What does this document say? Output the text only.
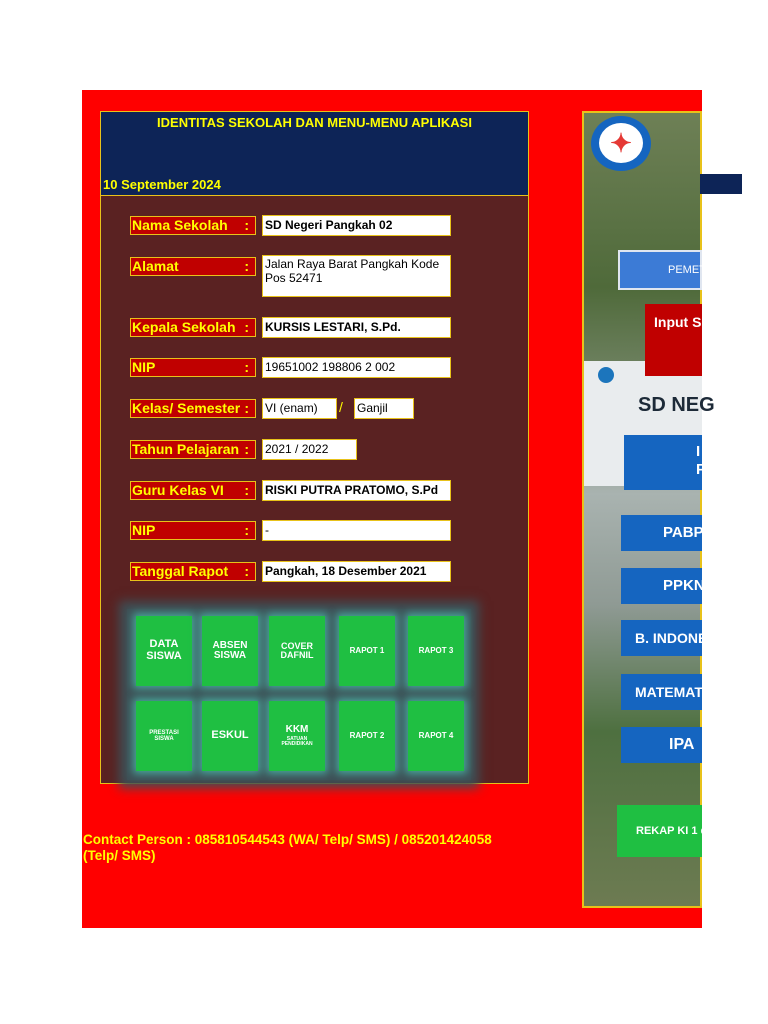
IDENTITAS SEKOLAH DAN MENU-MENU APLIKASI
10 September 2024
Nama Sekolah : SD Negeri Pangkah 02
Alamat	: Jalan Raya Barat Pangkah Kode Pos 52471
Kepala Sekolah : KURSIS LESTARI, S.Pd.
NIP	: 19651002 198806 2 002
Kelas/ Semester : VI (enam)	/ Ganjil
Tahun Pelajaran : 2021 / 2022
Guru Kelas VI : RISKI PUTRA PRATOMO, S.Pd
NIP	: -
Tanggal Rapot : Pangkah, 18 Desember 2021
DATA SISWA
ABSEN SISWA
COVER DAFNIL	RAPOT 1	RAPOT 3
PRESTASI SISWA	ESKUL
KKM
SATUAN PENDIDIKAN
RAPOT 2	RAPOT 4
Contact Person : 085810544543 (WA/ Telp/ SMS) / 085201424058 (Telp/ SMS)
✦
SD NEG
PEMET
Input SI
(
I
P
PABP
PPKN
B. INDONE
MATEMAT
IPA
REKAP KI 1 d
